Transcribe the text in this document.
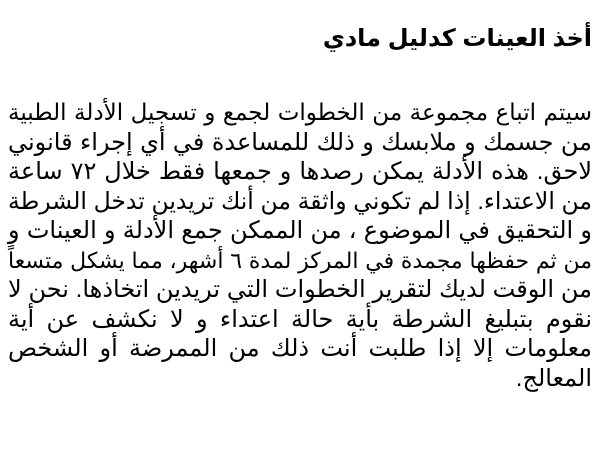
أخذ العينات كدليل مادي
سيتم اتباع مجموعة من الخطوات لجمع و تسجيل الأدلة الطبية
من جسمك و ملابسك و ذلك للمساعدة في أي إجراء قانوني
لاحق. هذه الأدلة يمكن رصدها و جمعها فقط خلال ٧٢ ساعة
من الاعتداء. إذا لم تكوني واثقة من أنك تريدين تدخل الشرطة
و التحقيق في الموضوع ، من الممكن جمع الأدلة و العينات و
من ثم حفظها مجمدة في المركز لمدة ٦ أشهر، مما يشكل متسعاً
من الوقت لديك لتقرير الخطوات التي تريدين اتخاذها. نحن لا
نقوم بتبليغ الشرطة بأية حالة اعتداء و لا نكشف عن أية
معلومات إلا إذا طلبت أنت ذلك من الممرضة أو الشخص
المعالج.
